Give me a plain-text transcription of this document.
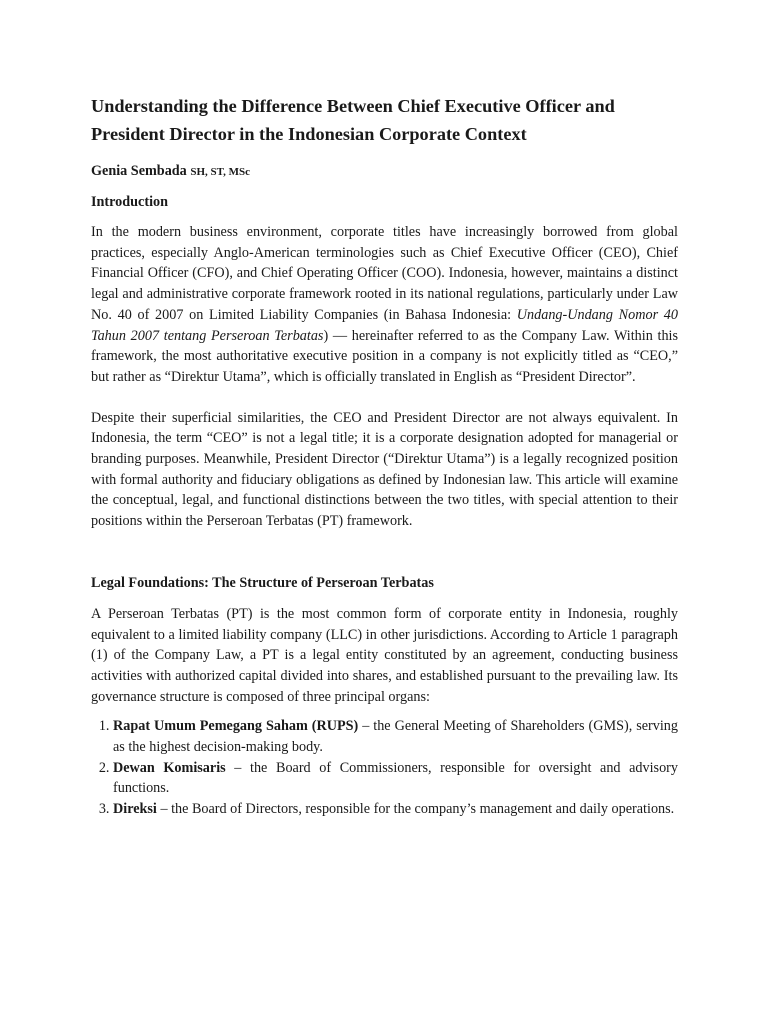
Understanding the Difference Between Chief Executive Officer and President Director in the Indonesian Corporate Context
Genia Sembada SH, ST, MSc
Introduction

In the modern business environment, corporate titles have increasingly borrowed from global practices, especially Anglo-American terminologies such as Chief Executive Officer (CEO), Chief Financial Officer (CFO), and Chief Operating Officer (COO). Indonesia, however, maintains a distinct legal and administrative corporate framework rooted in its national regulations, particularly under Law No. 40 of 2007 on Limited Liability Companies (in Bahasa Indonesia: Undang-Undang Nomor 40 Tahun 2007 tentang Perseroan Terbatas) — hereinafter referred to as the Company Law. Within this framework, the most authoritative executive position in a company is not explicitly titled as “CEO,” but rather as “Direktur Utama”, which is officially translated in English as “President Director”.

Despite their superficial similarities, the CEO and President Director are not always equivalent. In Indonesia, the term “CEO” is not a legal title; it is a corporate designation adopted for managerial or branding purposes. Meanwhile, President Director (“Direktur Utama”) is a legally recognized position with formal authority and fiduciary obligations as defined by Indonesian law. This article will examine the conceptual, legal, and functional distinctions between the two titles, with special attention to their positions within the Perseroan Terbatas (PT) framework.

Legal Foundations: The Structure of Perseroan Terbatas

A Perseroan Terbatas (PT) is the most common form of corporate entity in Indonesia, roughly equivalent to a limited liability company (LLC) in other jurisdictions. According to Article 1 paragraph (1) of the Company Law, a PT is a legal entity constituted by an agreement, conducting business activities with authorized capital divided into shares, and established pursuant to the prevailing law. Its governance structure is composed of three principal organs:

1. Rapat Umum Pemegang Saham (RUPS) – the General Meeting of Shareholders (GMS), serving as the highest decision-making body.
2. Dewan Komisaris – the Board of Commissioners, responsible for oversight and advisory functions.
3. Direksi – the Board of Directors, responsible for the company’s management and daily operations.
